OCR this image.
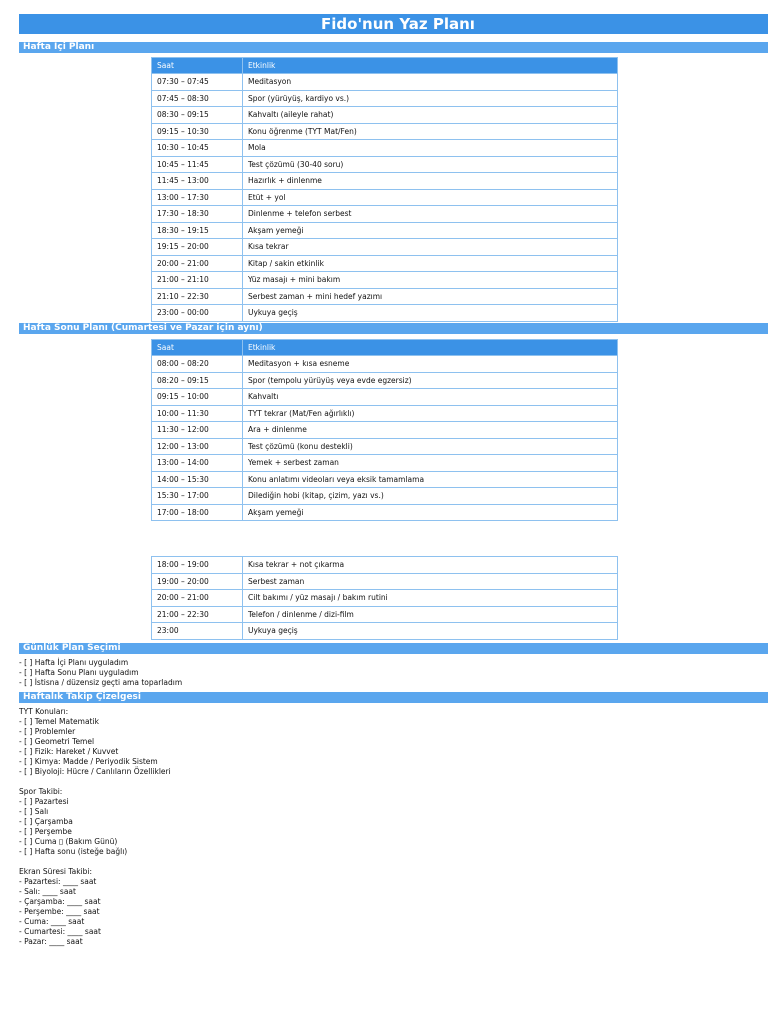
Fido'nun Yaz Planı
Hafta İçi Planı
Saat	Etkinlik
07:30 – 07:45	Meditasyon
07:45 – 08:30	Spor (yürüyüş, kardiyo vs.)
08:30 – 09:15	Kahvaltı (aileyle rahat)
09:15 – 10:30	Konu öğrenme (TYT Mat/Fen)
10:30 – 10:45	Mola
10:45 – 11:45	Test çözümü (30-40 soru)
11:45 – 13:00	Hazırlık + dinlenme
13:00 – 17:30	Etüt + yol
17:30 – 18:30	Dinlenme + telefon serbest
18:30 – 19:15	Akşam yemeği
19:15 – 20:00	Kısa tekrar
20:00 – 21:00	Kitap / sakin etkinlik
21:00 – 21:10	Yüz masajı + mini bakım
21:10 – 22:30	Serbest zaman + mini hedef yazımı
23:00 – 00:00	Uykuya geçiş
Hafta Sonu Planı (Cumartesi ve Pazar için aynı)
Saat	Etkinlik
08:00 – 08:20	Meditasyon + kısa esneme
08:20 – 09:15	Spor (tempolu yürüyüş veya evde egzersiz)
09:15 – 10:00	Kahvaltı
10:00 – 11:30	TYT tekrar (Mat/Fen ağırlıklı)
11:30 – 12:00	Ara + dinlenme
12:00 – 13:00	Test çözümü (konu destekli)
13:00 – 14:00	Yemek + serbest zaman
14:00 – 15:30	Konu anlatımı videoları veya eksik tamamlama
15:30 – 17:00	Dilediğin hobi (kitap, çizim, yazı vs.)
17:00 – 18:00	Akşam yemeği
18:00 – 19:00	Kısa tekrar + not çıkarma
19:00 – 20:00	Serbest zaman
20:00 – 21:00	Cilt bakımı / yüz masajı / bakım rutini
21:00 – 22:30	Telefon / dinlenme / dizi-film
23:00	Uykuya geçiş
Günlük Plan Seçimi
- [ ] Hafta İçi Planı uyguladım
- [ ] Hafta Sonu Planı uyguladım
- [ ] İstisna / düzensiz geçti ama toparladım
Haftalık Takip Çizelgesi
TYT Konuları:
- [ ] Temel Matematik
- [ ] Problemler
- [ ] Geometri Temel
- [ ] Fizik: Hareket / Kuvvet
- [ ] Kimya: Madde / Periyodik Sistem
- [ ] Biyoloji: Hücre / Canlıların Özellikleri
Spor Takibi:
- [ ] Pazartesi
- [ ] Salı
- [ ] Çarşamba
- [ ] Perşembe
- [ ] Cuma ▯ (Bakım Günü)
- [ ] Hafta sonu (isteğe bağlı)
Ekran Süresi Takibi:
- Pazartesi: ____ saat
- Salı: ____ saat
- Çarşamba: ____ saat
- Perşembe: ____ saat
- Cuma: ____ saat
- Cumartesi: ____ saat
- Pazar: ____ saat
